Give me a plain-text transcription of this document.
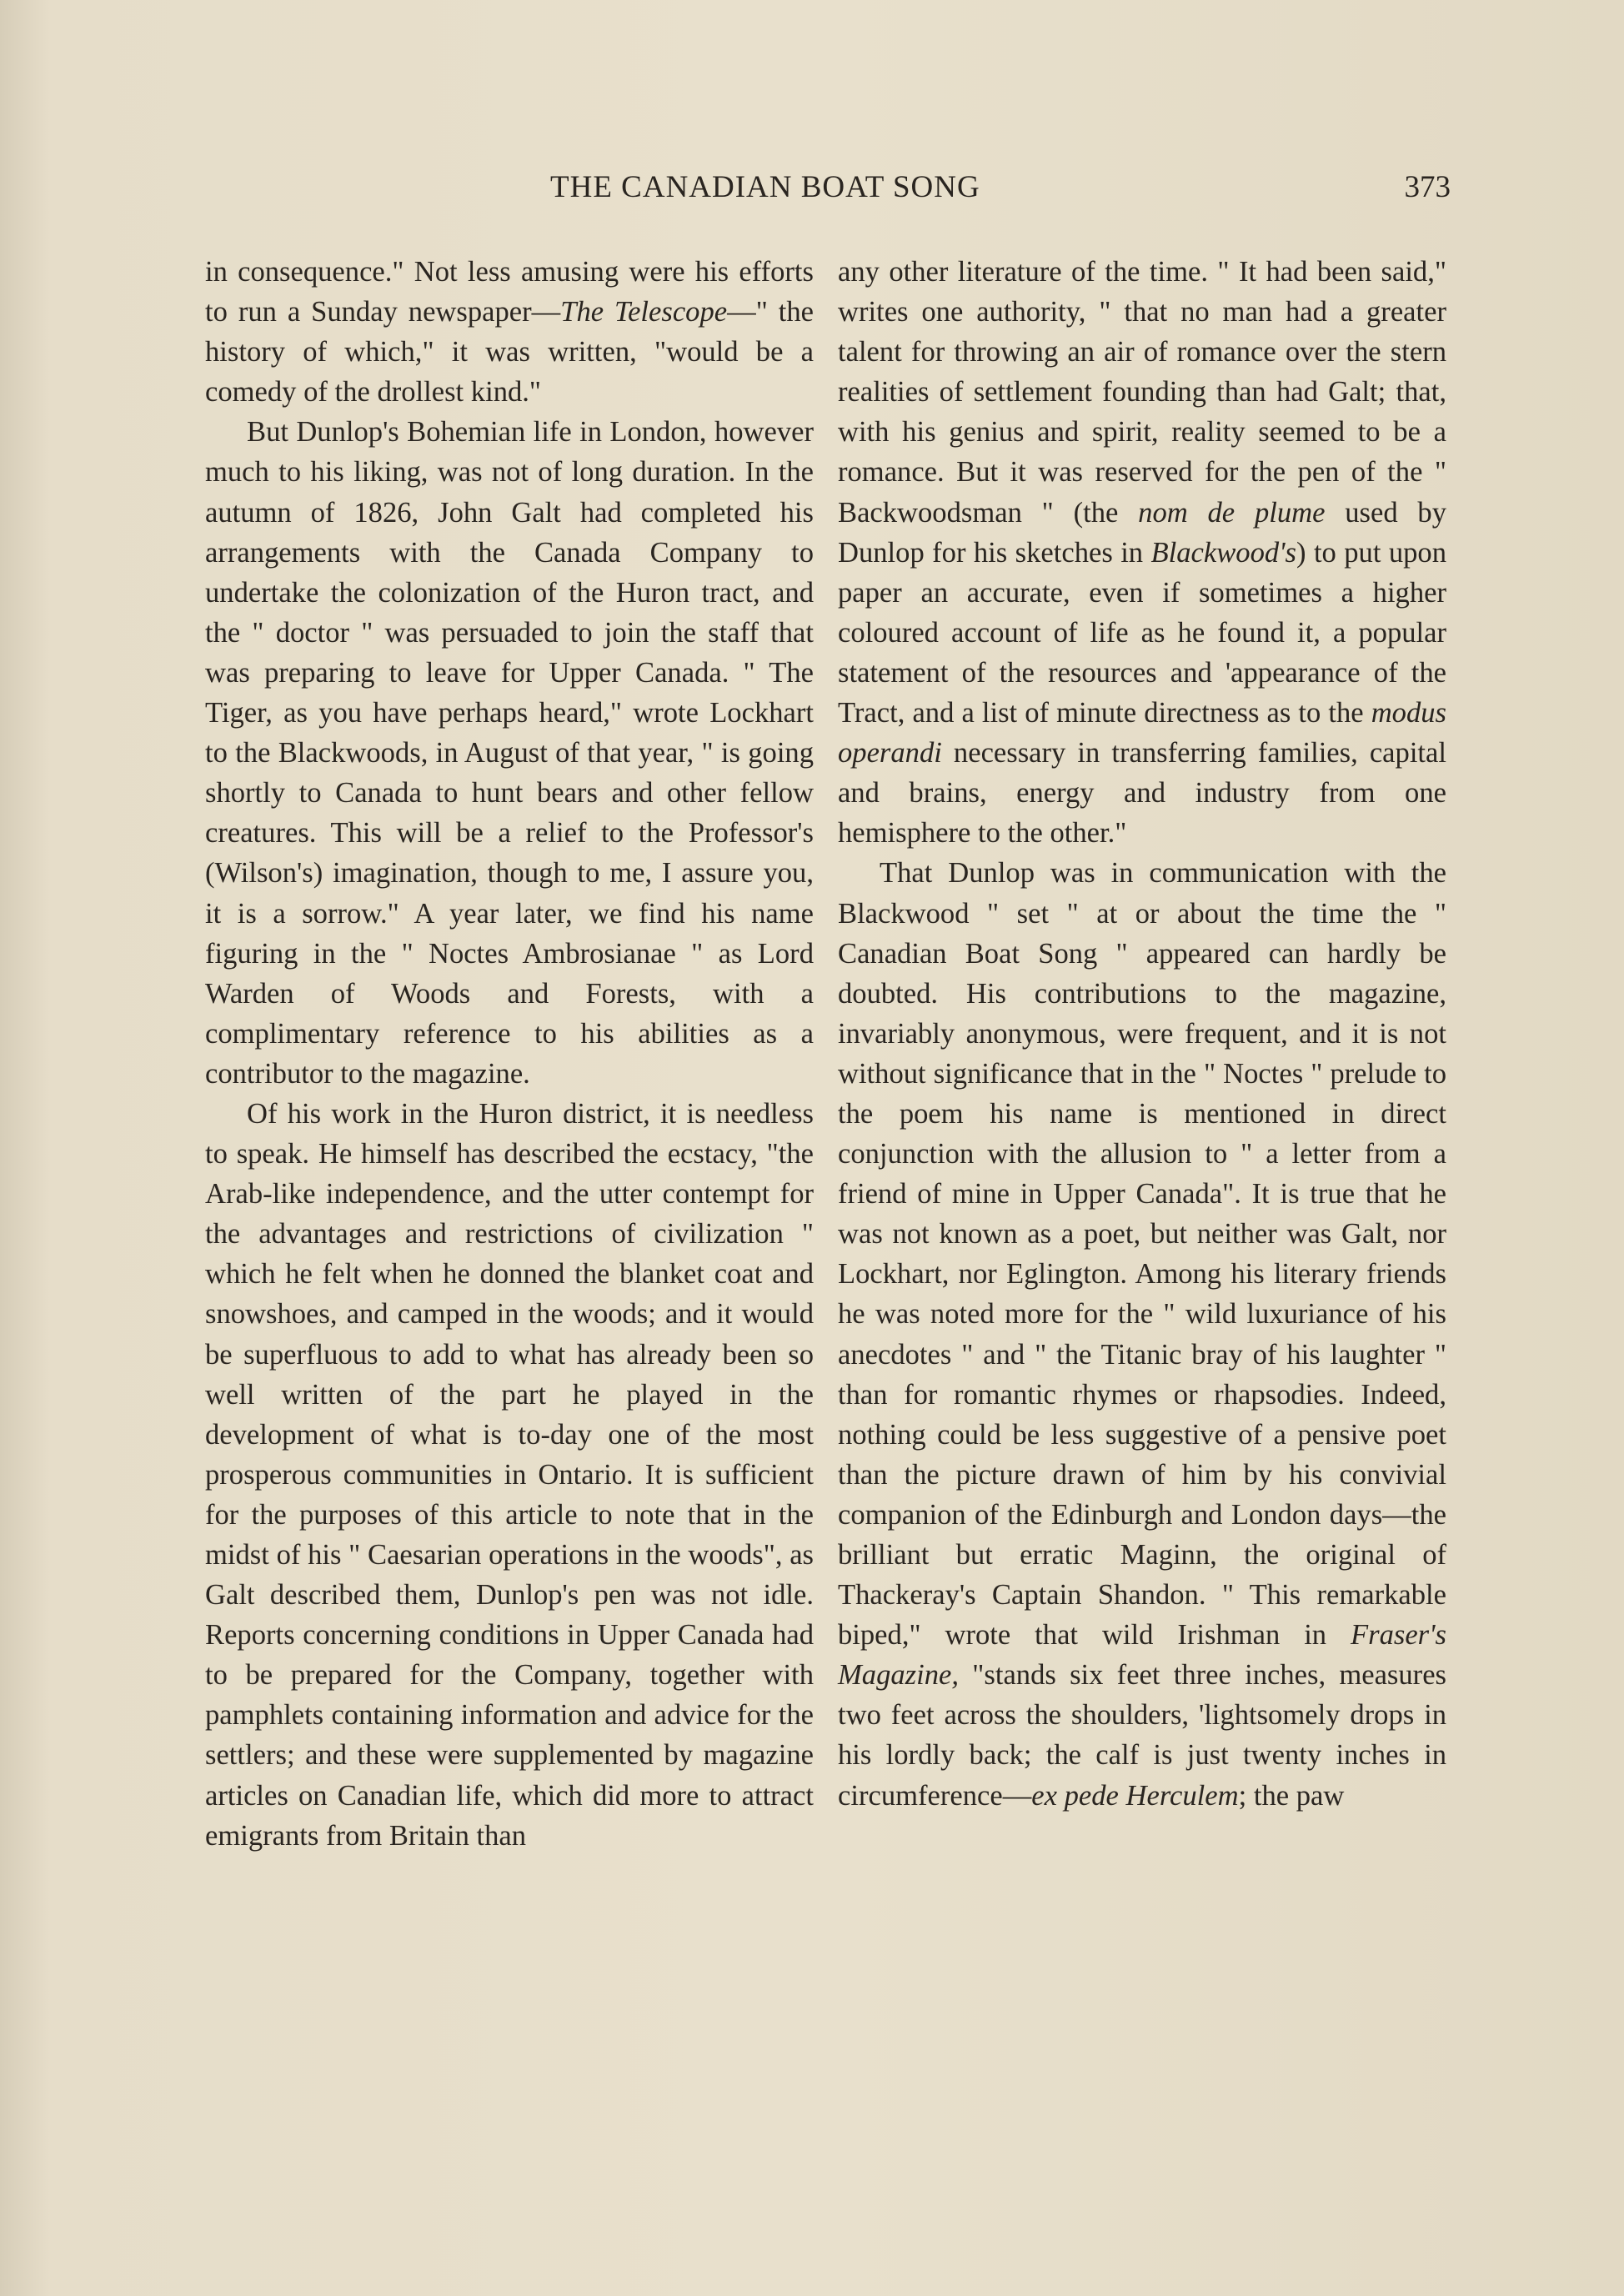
THE CANADIAN BOAT SONG	373

in consequence." Not less amusing were his efforts to run a Sunday newspaper—The Telescope—" the history of which," it was written, "would be a comedy of the drollest kind."

But Dunlop's Bohemian life in London, however much to his liking, was not of long duration. In the autumn of 1826, John Galt had completed his arrangements with the Canada Company to undertake the colonization of the Huron tract, and the " doctor " was persuaded to join the staff that was preparing to leave for Upper Canada. " The Tiger, as you have perhaps heard," wrote Lockhart to the Blackwoods, in August of that year, " is going shortly to Canada to hunt bears and other fellow creatures. This will be a relief to the Professor's (Wilson's) imagination, though to me, I assure you, it is a sorrow." A year later, we find his name figuring in the " Noctes Ambrosianae " as Lord Warden of Woods and Forests, with a complimentary reference to his abilities as a contributor to the magazine.

Of his work in the Huron district, it is needless to speak. He himself has described the ecstacy, "the Arab-like independence, and the utter contempt for the advantages and restrictions of civilization " which he felt when he donned the blanket coat and snowshoes, and camped in the woods; and it would be superfluous to add to what has already been so well written of the part he played in the development of what is to-day one of the most prosperous communities in Ontario. It is sufficient for the purposes of this article to note that in the midst of his " Caesarian operations in the woods", as Galt described them, Dunlop's pen was not idle. Reports concerning conditions in Upper Canada had to be prepared for the Company, together with pamphlets containing information and advice for the settlers; and these were supplemented by magazine articles on Canadian life, which did more to attract emigrants from Britain than

any other literature of the time. " It had been said," writes one authority, " that no man had a greater talent for throwing an air of romance over the stern realities of settlement founding than had Galt; that, with his genius and spirit, reality seemed to be a romance. But it was reserved for the pen of the " Backwoodsman " (the nom de plume used by Dunlop for his sketches in Blackwood's) to put upon paper an accurate, even if sometimes a higher coloured account of life as he found it, a popular statement of the resources and 'appearance of the Tract, and a list of minute directness as to the modus operandi necessary in transferring families, capital and brains, energy and industry from one hemisphere to the other."

That Dunlop was in communication with the Blackwood " set " at or about the time the " Canadian Boat Song " appeared can hardly be doubted. His contributions to the magazine, invariably anonymous, were frequent, and it is not without significance that in the " Noctes " prelude to the poem his name is mentioned in direct conjunction with the allusion to " a letter from a friend of mine in Upper Canada". It is true that he was not known as a poet, but neither was Galt, nor Lockhart, nor Eglington. Among his literary friends he was noted more for the " wild luxuriance of his anecdotes " and " the Titanic bray of his laughter " than for romantic rhymes or rhapsodies. Indeed, nothing could be less suggestive of a pensive poet than the picture drawn of him by his convivial companion of the Edinburgh and London days—the brilliant but erratic Maginn, the original of Thackeray's Captain Shandon. " This remarkable biped," wrote that wild Irishman in Fraser's Magazine, "stands six feet three inches, measures two feet across the shoulders, 'lightsomely drops in his lordly back; the calf is just twenty inches in circumference—ex pede Herculem; the paw
